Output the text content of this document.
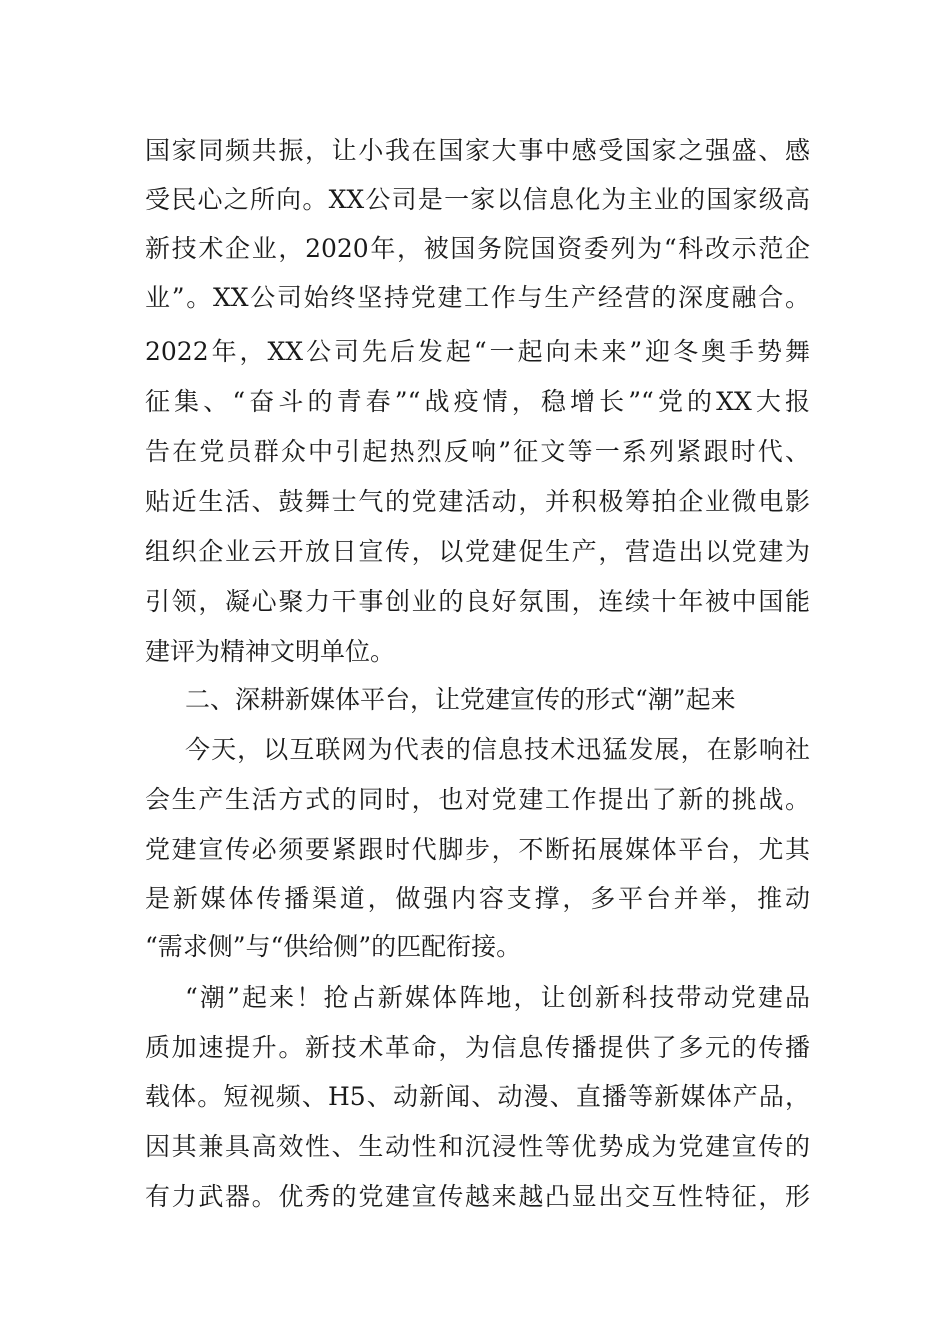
国家同频共振，让小我在国家大事中感受国家之强盛、感
受民心之所向。XX公司是一家以信息化为主业的国家级高
新技术企业，2020年，被国务院国资委列为“科改示范企
业”。XX公司始终坚持党建工作与生产经营的深度融合。
2022年，XX公司先后发起“一起向未来”迎冬奥手势舞
征集、“奋斗的青春”“战疫情，稳增长”“党的XX大报
告在党员群众中引起热烈反响”征文等一系列紧跟时代、
贴近生活、鼓舞士气的党建活动，并积极筹拍企业微电影
组织企业云开放日宣传，以党建促生产，营造出以党建为
引领，凝心聚力干事创业的良好氛围，连续十年被中国能
建评为精神文明单位。
二、深耕新媒体平台，让党建宣传的形式“潮”起来
今天，以互联网为代表的信息技术迅猛发展，在影响社
会生产生活方式的同时，也对党建工作提出了新的挑战。
党建宣传必须要紧跟时代脚步，不断拓展媒体平台，尤其
是新媒体传播渠道，做强内容支撑，多平台并举，推动
“需求侧”与“供给侧”的匹配衔接。
“潮”起来！抢占新媒体阵地，让创新科技带动党建品
质加速提升。新技术革命，为信息传播提供了多元的传播
载体。短视频、H5、动新闻、动漫、直播等新媒体产品，
因其兼具高效性、生动性和沉浸性等优势成为党建宣传的
有力武器。优秀的党建宣传越来越凸显出交互性特征，形
